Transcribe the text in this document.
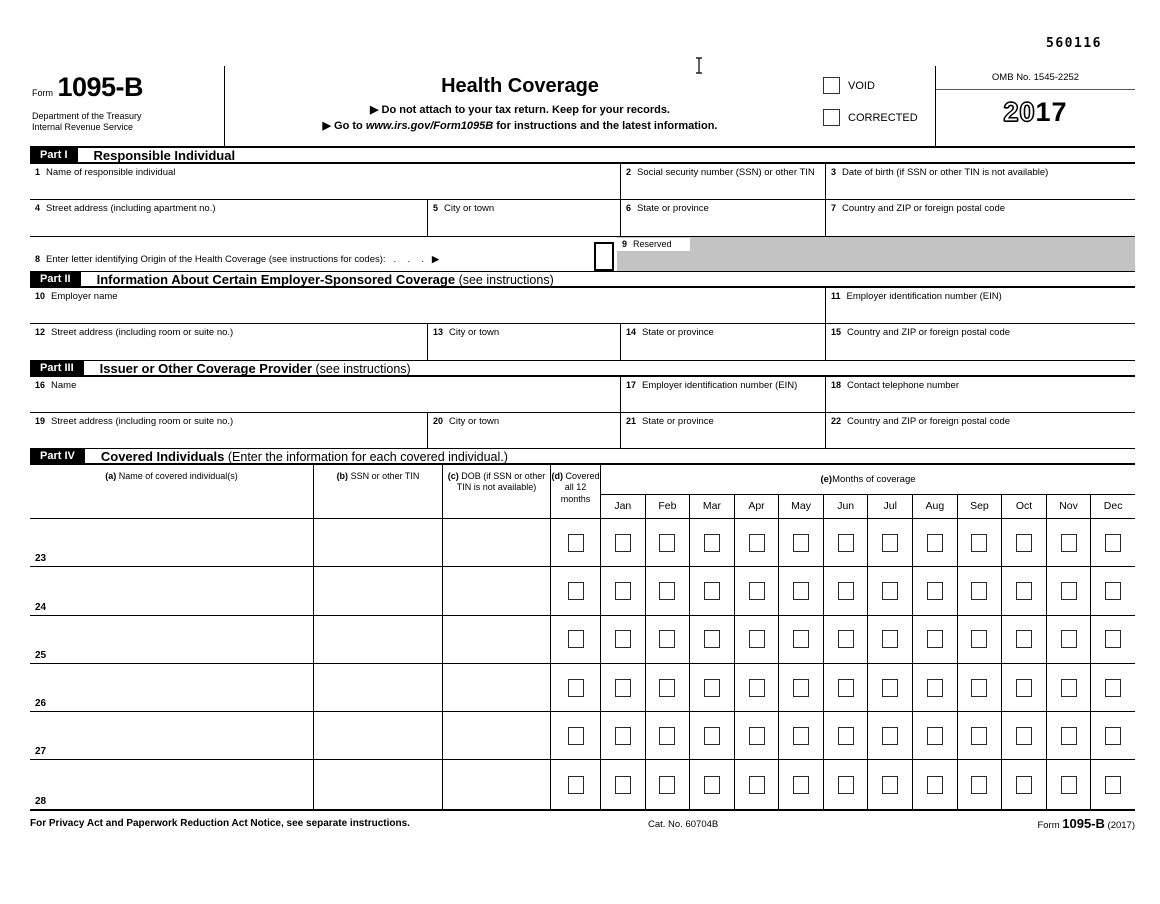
560116
Form 1095-B
Department of the Treasury
Internal Revenue Service
Health Coverage
▶ Do not attach to your tax return. Keep for your records.
▶ Go to www.irs.gov/Form1095B for instructions and the latest information.
VOID
CORRECTED
OMB No. 1545-2252
2017
Part I	Responsible Individual
1 Name of responsible individual	2 Social security number (SSN) or other TIN	3 Date of birth (if SSN or other TIN is not available)
4 Street address (including apartment no.)	5 City or town	6 State or province	7 Country and ZIP or foreign postal code
8 Enter letter identifying Origin of the Health Coverage (see instructions for codes): .  .  . ▶
9 Reserved
Part II	Information About Certain Employer-Sponsored Coverage (see instructions)
10 Employer name	11 Employer identification number (EIN)
12 Street address (including room or suite no.)	13 City or town	14 State or province	15 Country and ZIP or foreign postal code
Part III	Issuer or Other Coverage Provider (see instructions)
16 Name	17 Employer identification number (EIN)	18 Contact telephone number
19 Street address (including room or suite no.)	20 City or town	21 State or province	22 Country and ZIP or foreign postal code
Part IV	Covered Individuals (Enter the information for each covered individual.)
(a) Name of covered individual(s)	(b) SSN or other TIN	(c) DOB (if SSN or other TIN is not available)
(d) Covered all 12 months
(e) Months of coverage
Jan	Feb	Mar	Apr	May	Jun	Jul	Aug	Sep	Oct	Nov	Dec
23
24
25
26
27
28
For Privacy Act and Paperwork Reduction Act Notice, see separate instructions.	Cat. No. 60704B	Form 1095-B (2017)
